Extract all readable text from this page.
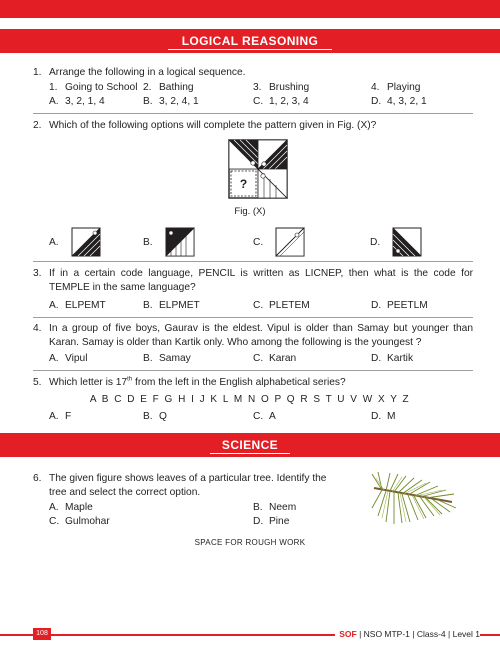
LOGICAL REASONING
1. Arrange the following in a logical sequence.
1. Going to School 2. Bathing	3. Brushing	4. Playing
A. 3, 2, 1, 4	B. 3, 2, 4, 1	C. 1, 2, 3, 4	D. 4, 3, 2, 1
2. Which of the following options will complete the pattern given in Fig. (X)?
?
Fig. (X)
A.	B.	C.	D.
3. If in a certain code language, PENCIL is written as LICNEP, then what is the code for TEMPLE in the same language?
A. ELPEMT	B. ELPMET	C. PLETEM	D. PEETLM
4. In a group of five boys, Gaurav is the eldest. Vipul is older than Samay but younger than Karan. Samay is older than Kartik only. Who among the following is the youngest ?
A. Vipul	B. Samay	C. Karan	D. Kartik
5. Which letter is 17th from the left in the English alphabetical series?
A B C D E F G H I J K L M N O P Q R S T U V W X Y Z
A. F	B. Q	C. A	D. M
SCIENCE
6. The given figure shows leaves of a particular tree. Identify the tree and select the correct option.
A. Maple	B. Neem
C. Gulmohar	D. Pine
SPACE FOR ROUGH WORK
108	SOF | NSO MTP-1 | Class-4 | Level 1
